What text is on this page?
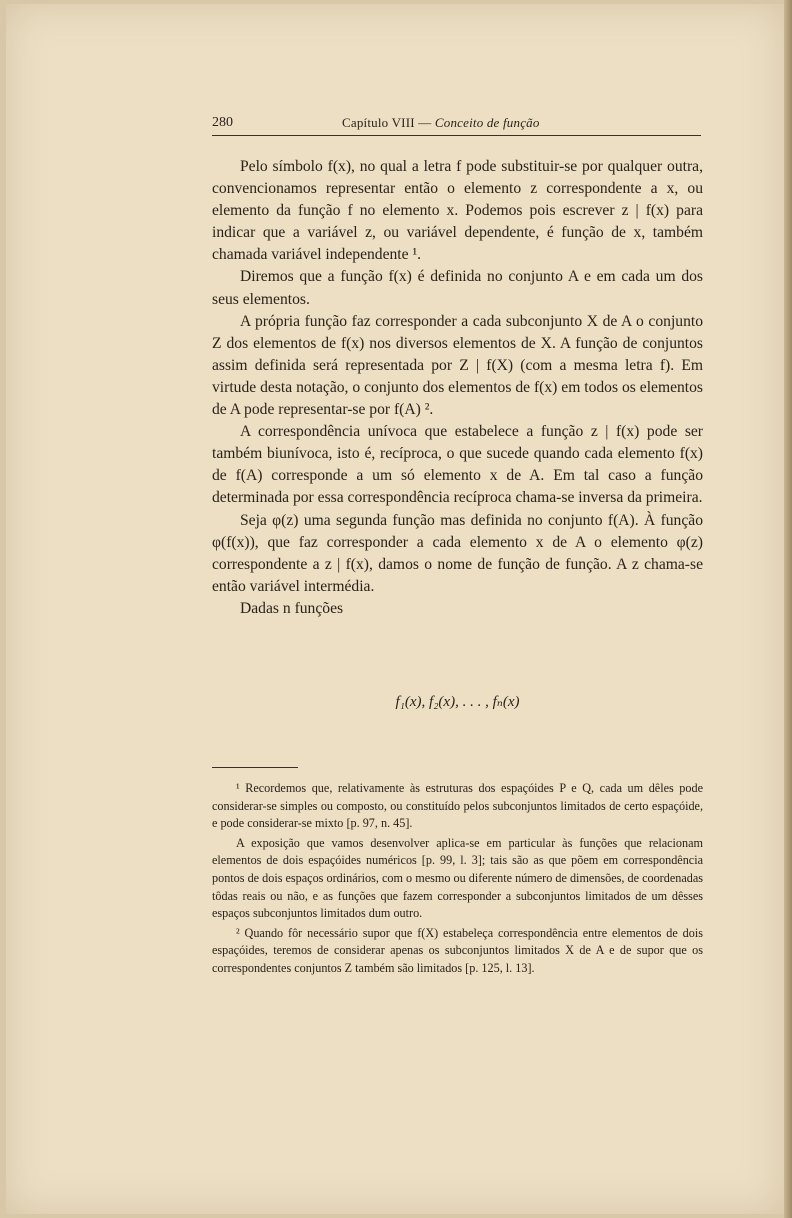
280	Capítulo VIII — Conceito de função

Pelo símbolo f(x), no qual a letra f pode substituir-se por qualquer outra, convencionamos representar então o elemento z correspondente a x, ou elemento da função f no elemento x. Podemos pois escrever z | f(x) para indicar que a variável z, ou variável dependente, é função de x, também chamada variável independente ¹.

Diremos que a função f(x) é definida no conjunto A e em cada um dos seus elementos.

A própria função faz corresponder a cada subconjunto X de A o conjunto Z dos elementos de f(x) nos diversos elementos de X. A função de conjuntos assim definida será representada por Z | f(X) (com a mesma letra f). Em virtude desta notação, o conjunto dos elementos de f(x) em todos os elementos de A pode representar-se por f(A) ².

A correspondência unívoca que estabelece a função z | f(x) pode ser também biunívoca, isto é, recíproca, o que sucede quando cada elemento f(x) de f(A) corresponde a um só elemento x de A. Em tal caso a função determinada por essa correspondência recíproca chama-se inversa da primeira.

Seja φ(z) uma segunda função mas definida no conjunto f(A). À função φ(f(x)), que faz corresponder a cada elemento x de A o elemento φ(z) correspondente a z | f(x), damos o nome de função de função. A z chama-se então variável intermédia.

Dadas n funções

f₁(x), f₂(x), . . . , fₙ(x)

¹ Recordemos que, relativamente às estruturas dos espaçóides P e Q, cada um dêles pode considerar-se simples ou composto, ou constituído pelos subconjuntos limitados de certo espaçóide, e pode considerar-se mixto [p. 97, n. 45].

A exposição que vamos desenvolver aplica-se em particular às funções que relacionam elementos de dois espaçóides numéricos [p. 99, l. 3]; tais são as que põem em correspondência pontos de dois espaços ordinários, com o mesmo ou diferente número de dimensões, de coordenadas tôdas reais ou não, e as funções que fazem corresponder a subconjuntos limitados de um dêsses espaços subconjuntos limitados dum outro.

² Quando fôr necessário supor que f(X) estabeleça correspondência entre elementos de dois espaçóides, teremos de considerar apenas os subconjuntos limitados X de A e de supor que os correspondentes conjuntos Z também são limitados [p. 125, l. 13].
